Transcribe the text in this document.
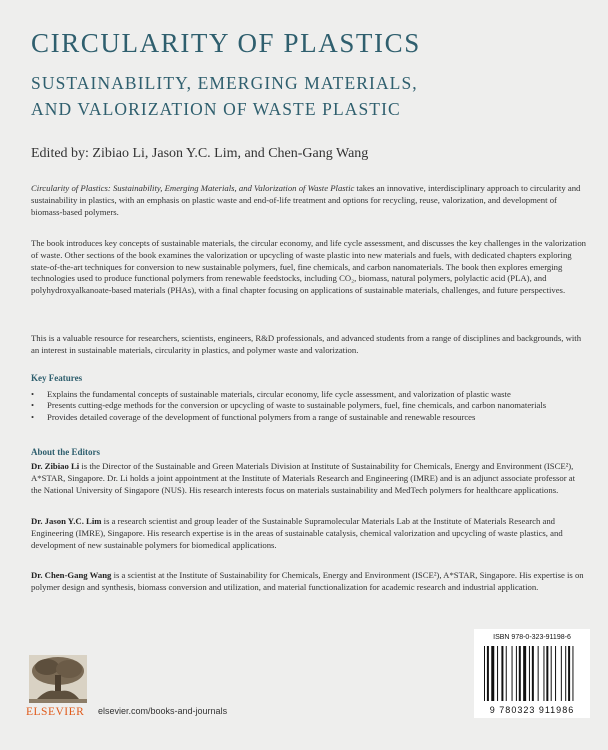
CIRCULARITY OF PLASTICS
SUSTAINABILITY, EMERGING MATERIALS,
AND VALORIZATION OF WASTE PLASTIC
Edited by: Zibiao Li, Jason Y.C. Lim, and Chen-Gang Wang

Circularity of Plastics: Sustainability, Emerging Materials, and Valorization of Waste Plastic takes an innovative, interdisciplinary approach to circularity and sustainability in plastics, with an emphasis on plastic waste and end-of-life treatment and options for recycling, reuse, valorization, and development of biomass-based polymers.

The book introduces key concepts of sustainable materials, the circular economy, and life cycle assessment, and discusses the key challenges in the valorization of waste. Other sections of the book examines the valorization or upcycling of waste plastic into new materials and fuels, with dedicated chapters exploring state-of-the-art techniques for conversion to new sustainable polymers, fuel, fine chemicals, and carbon nanomaterials. The book then explores emerging technologies used to produce functional polymers from renewable feedstocks, including CO₂, biomass, natural polymers, polylactic acid (PLA), and polyhydroxyalkanoate-based materials (PHAs), with a final chapter focusing on applications of sustainable materials, challenges, and future perspectives.

This is a valuable resource for researchers, scientists, engineers, R&D professionals, and advanced students from a range of disciplines and backgrounds, with an interest in sustainable materials, circularity in plastics, and polymer waste and valorization.

Key Features
• Explains the fundamental concepts of sustainable materials, circular economy, life cycle assessment, and valorization of plastic waste
• Presents cutting-edge methods for the conversion or upcycling of waste to sustainable polymers, fuel, fine chemicals, and carbon nanomaterials
• Provides detailed coverage of the development of functional polymers from a range of sustainable and renewable resources
About the Editors

Dr. Zibiao Li is the Director of the Sustainable and Green Materials Division at Institute of Sustainability for Chemicals, Energy and Environment (ISCE²), A*STAR, Singapore. Dr. Li holds a joint appointment at the Institute of Materials Research and Engineering (IMRE) and is an adjunct associate professor at the National University of Singapore (NUS). His research interests focus on materials sustainability and MedTech polymers for healthcare applications.

Dr. Jason Y.C. Lim is a research scientist and group leader of the Sustainable Supramolecular Materials Lab at the Institute of Materials Research and Engineering (IMRE), Singapore. His research expertise is in the areas of sustainable catalysis, chemical valorization and upcycling of waste plastics, and development of new sustainable polymers for biomedical applications.

Dr. Chen-Gang Wang is a scientist at the Institute of Sustainability for Chemicals, Energy and Environment (ISCE²), A*STAR, Singapore. His expertise is on polymer design and synthesis, biomass conversion and utilization, and material functionalization for academic research and industrial application.

ELSEVIER elsevier.com/books-and-journals
ISBN 978-0-323-91198-6
9 780323 911986
